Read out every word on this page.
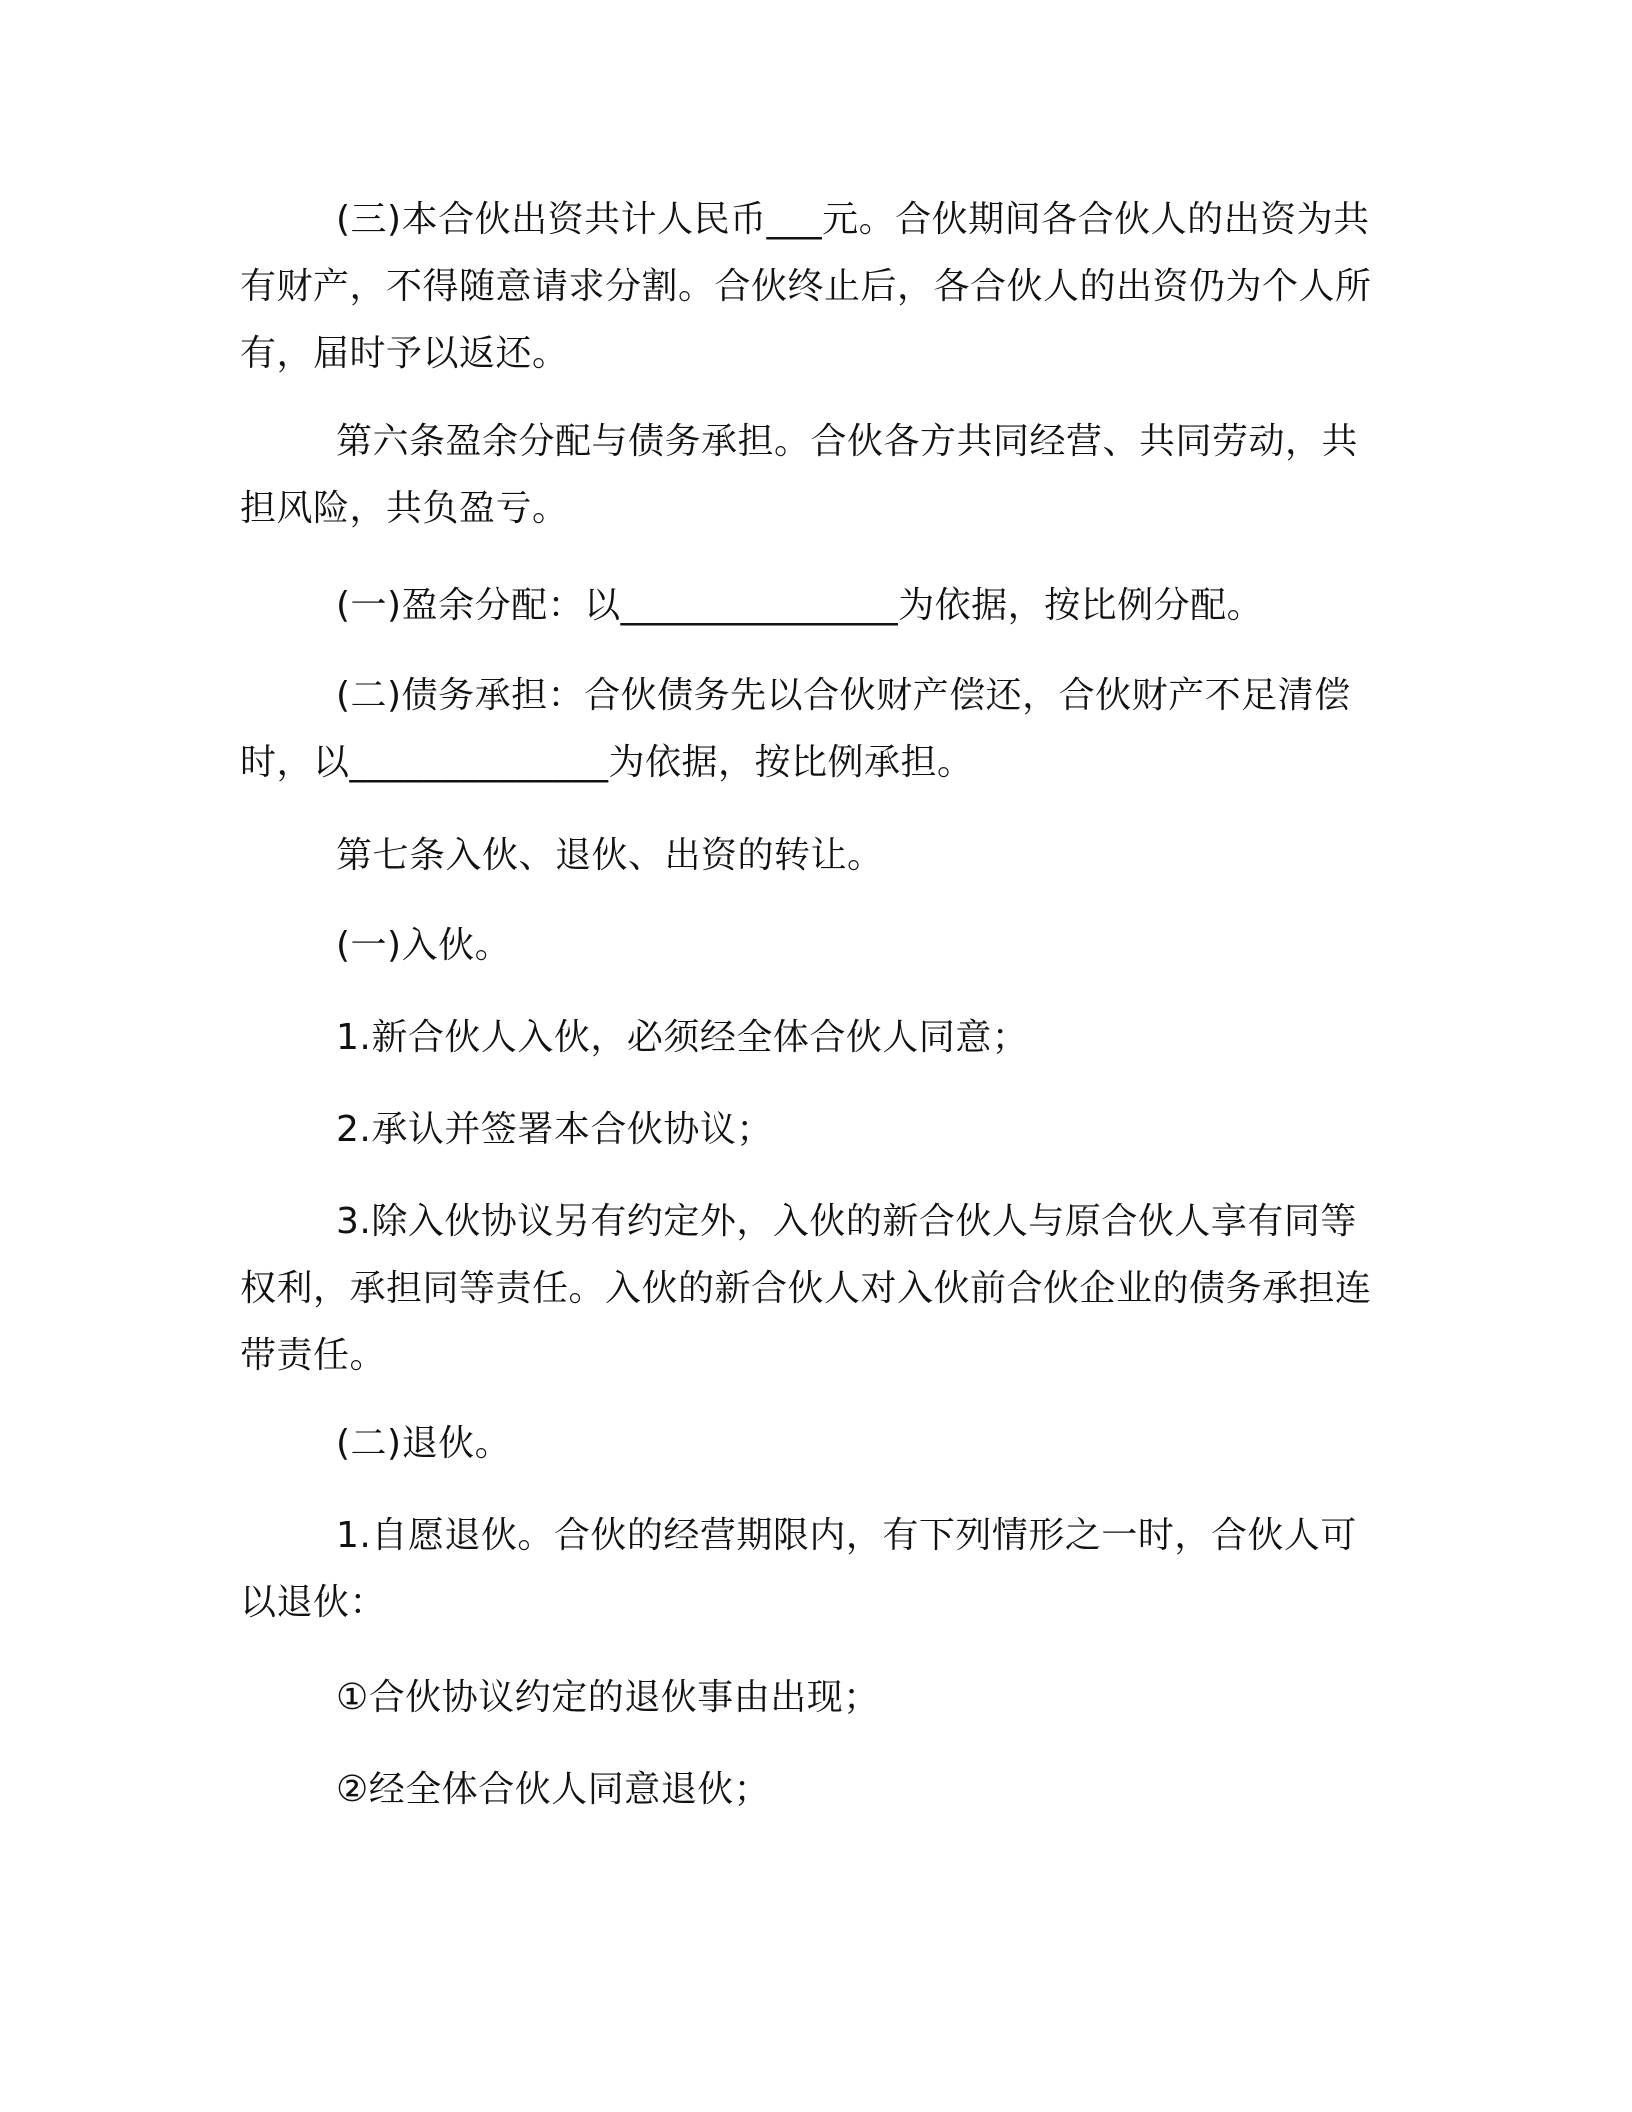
(三)本合伙出资共计人民币___元。合伙期间各合伙人的出资为共有财产，不得随意请求分割。合伙终止后，各合伙人的出资仍为个人所有，届时予以返还。

第六条盈余分配与债务承担。合伙各方共同经营、共同劳动，共担风险，共负盈亏。

(一)盈余分配：以_______________为依据，按比例分配。

(二)债务承担：合伙债务先以合伙财产偿还，合伙财产不足清偿时，以______________为依据，按比例承担。

第七条入伙、退伙、出资的转让。

(一)入伙。

1.新合伙人入伙，必须经全体合伙人同意；

2.承认并签署本合伙协议；

3.除入伙协议另有约定外，入伙的新合伙人与原合伙人享有同等权利，承担同等责任。入伙的新合伙人对入伙前合伙企业的债务承担连带责任。

(二)退伙。

1.自愿退伙。合伙的经营期限内，有下列情形之一时，合伙人可以退伙：

①合伙协议约定的退伙事由出现；

②经全体合伙人同意退伙；
